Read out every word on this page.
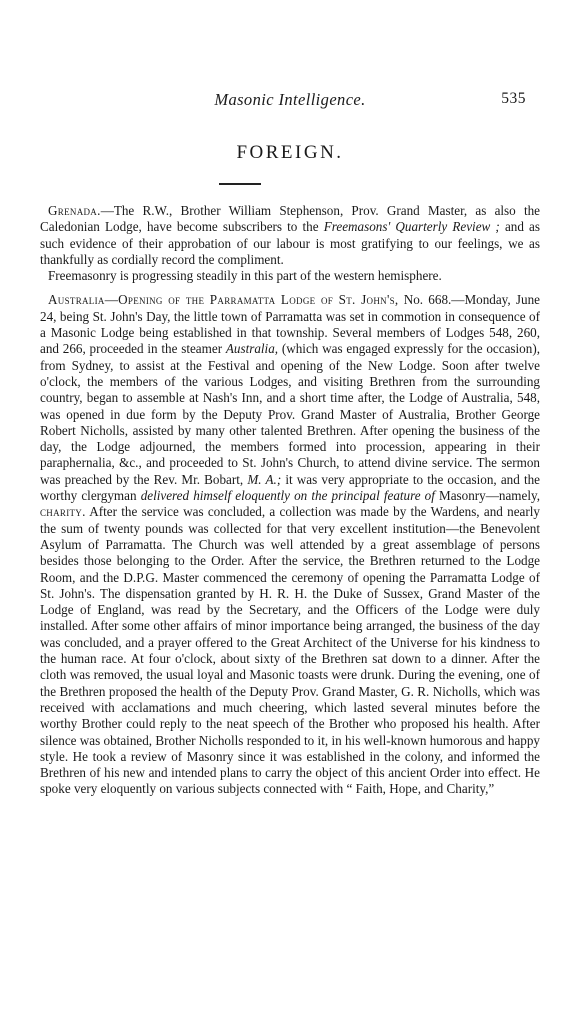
Masonic Intelligence.	535
FOREIGN.

Grenada.—The R.W., Brother William Stephenson, Prov. Grand Master, as also the Caledonian Lodge, have become subscribers to the Freemasons' Quarterly Review ; and as such evidence of their approbation of our labour is most gratifying to our feelings, we as thankfully as cordially record the compliment.

Freemasonry is progressing steadily in this part of the western hemisphere.

Australia—Opening of the Parramatta Lodge of St. John's, No. 668.—Monday, June 24, being St. John's Day, the little town of Parramatta was set in commotion in consequence of a Masonic Lodge being established in that township. Several members of Lodges 548, 260, and 266, proceeded in the steamer Australia, (which was engaged expressly for the occasion), from Sydney, to assist at the Festival and opening of the New Lodge. Soon after twelve o'clock, the members of the various Lodges, and visiting Brethren from the surrounding country, began to assemble at Nash's Inn, and a short time after, the Lodge of Australia, 548, was opened in due form by the Deputy Prov. Grand Master of Australia, Brother George Robert Nicholls, assisted by many other talented Brethren. After opening the business of the day, the Lodge adjourned, the members formed into procession, appearing in their paraphernalia, &c., and proceeded to St. John's Church, to attend divine service. The sermon was preached by the Rev. Mr. Bobart, M. A.; it was very appropriate to the occasion, and the worthy clergyman delivered himself eloquently on the principal feature of Masonry—namely, charity. After the service was concluded, a collection was made by the Wardens, and nearly the sum of twenty pounds was collected for that very excellent institution—the Benevolent Asylum of Parramatta. The Church was well attended by a great assemblage of persons besides those belonging to the Order. After the service, the Brethren returned to the Lodge Room, and the D.P.G. Master commenced the ceremony of opening the Parramatta Lodge of St. John's. The dispensation granted by H. R. H. the Duke of Sussex, Grand Master of the Lodge of England, was read by the Secretary, and the Officers of the Lodge were duly installed. After some other affairs of minor importance being arranged, the business of the day was concluded, and a prayer offered to the Great Architect of the Universe for his kindness to the human race. At four o'clock, about sixty of the Brethren sat down to a dinner. After the cloth was removed, the usual loyal and Masonic toasts were drunk. During the evening, one of the Brethren proposed the health of the Deputy Prov. Grand Master, G. R. Nicholls, which was received with acclamations and much cheering, which lasted several minutes before the worthy Brother could reply to the neat speech of the Brother who proposed his health. After silence was obtained, Brother Nicholls responded to it, in his well-known humorous and happy style. He took a review of Masonry since it was established in the colony, and informed the Brethren of his new and intended plans to carry the object of this ancient Order into effect. He spoke very eloquently on various subjects connected with “ Faith, Hope, and Charity,”
